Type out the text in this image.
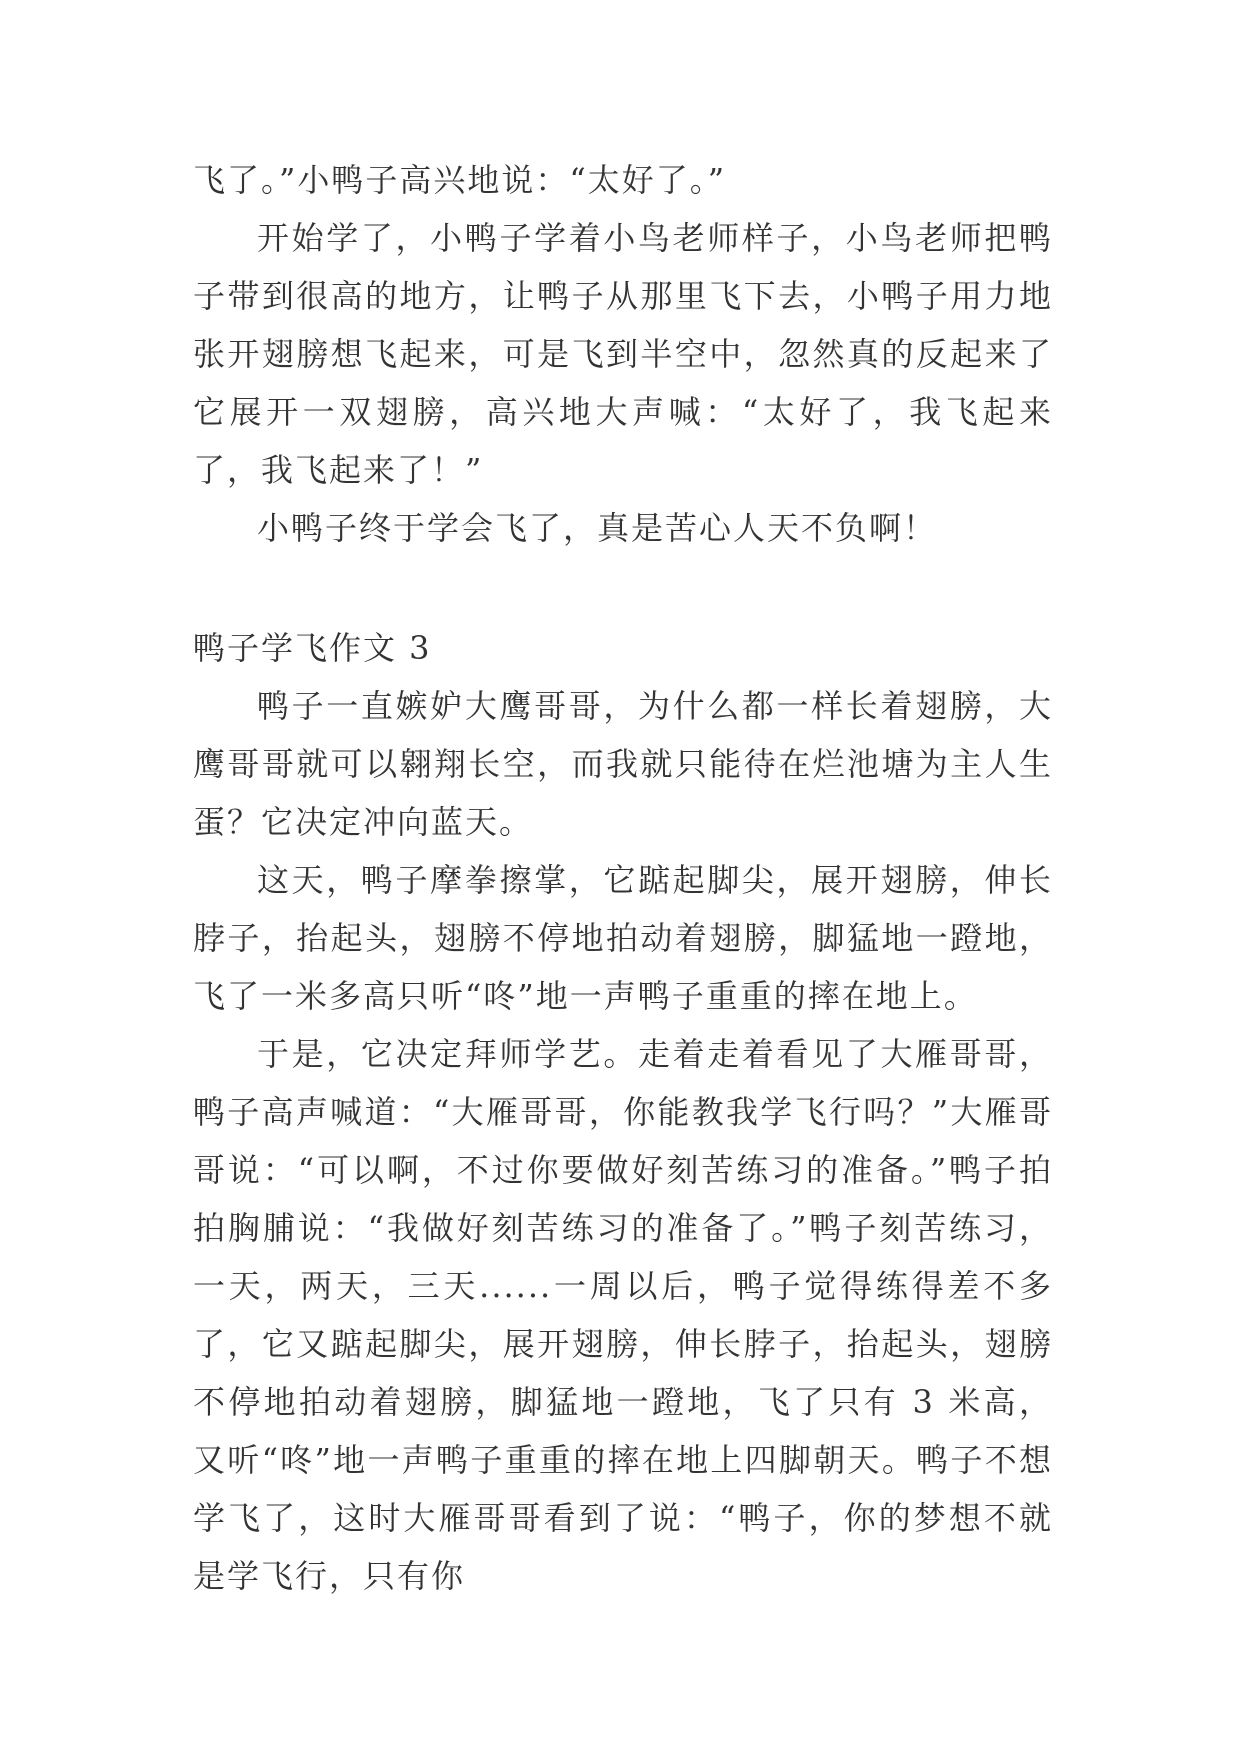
飞了。”小鸭子高兴地说：“太好了。”

开始学了，小鸭子学着小鸟老师样子，小鸟老师把鸭子带到很高的地方，让鸭子从那里飞下去，小鸭子用力地张开翅膀想飞起来，可是飞到半空中，忽然真的反起来了它展开一双翅膀，高兴地大声喊：“太好了，我飞起来了，我飞起来了！”

小鸭子终于学会飞了，真是苦心人天不负啊！

鸭子学飞作文 3

鸭子一直嫉妒大鹰哥哥，为什么都一样长着翅膀，大鹰哥哥就可以翱翔长空，而我就只能待在烂池塘为主人生蛋？它决定冲向蓝天。

这天，鸭子摩拳擦掌，它踮起脚尖，展开翅膀，伸长脖子，抬起头，翅膀不停地拍动着翅膀，脚猛地一蹬地，飞了一米多高只听“咚”地一声鸭子重重的摔在地上。

于是，它决定拜师学艺。走着走着看见了大雁哥哥，鸭子高声喊道：“大雁哥哥，你能教我学飞行吗？”大雁哥哥说：“可以啊，不过你要做好刻苦练习的准备。”鸭子拍拍胸脯说：“我做好刻苦练习的准备了。”鸭子刻苦练习，一天，两天，三天......一周以后，鸭子觉得练得差不多了，它又踮起脚尖，展开翅膀，伸长脖子，抬起头，翅膀不停地拍动着翅膀，脚猛地一蹬地，飞了只有 3 米高，又听“咚”地一声鸭子重重的摔在地上四脚朝天。鸭子不想学飞了，这时大雁哥哥看到了说：“鸭子，你的梦想不就是学飞行，只有你
